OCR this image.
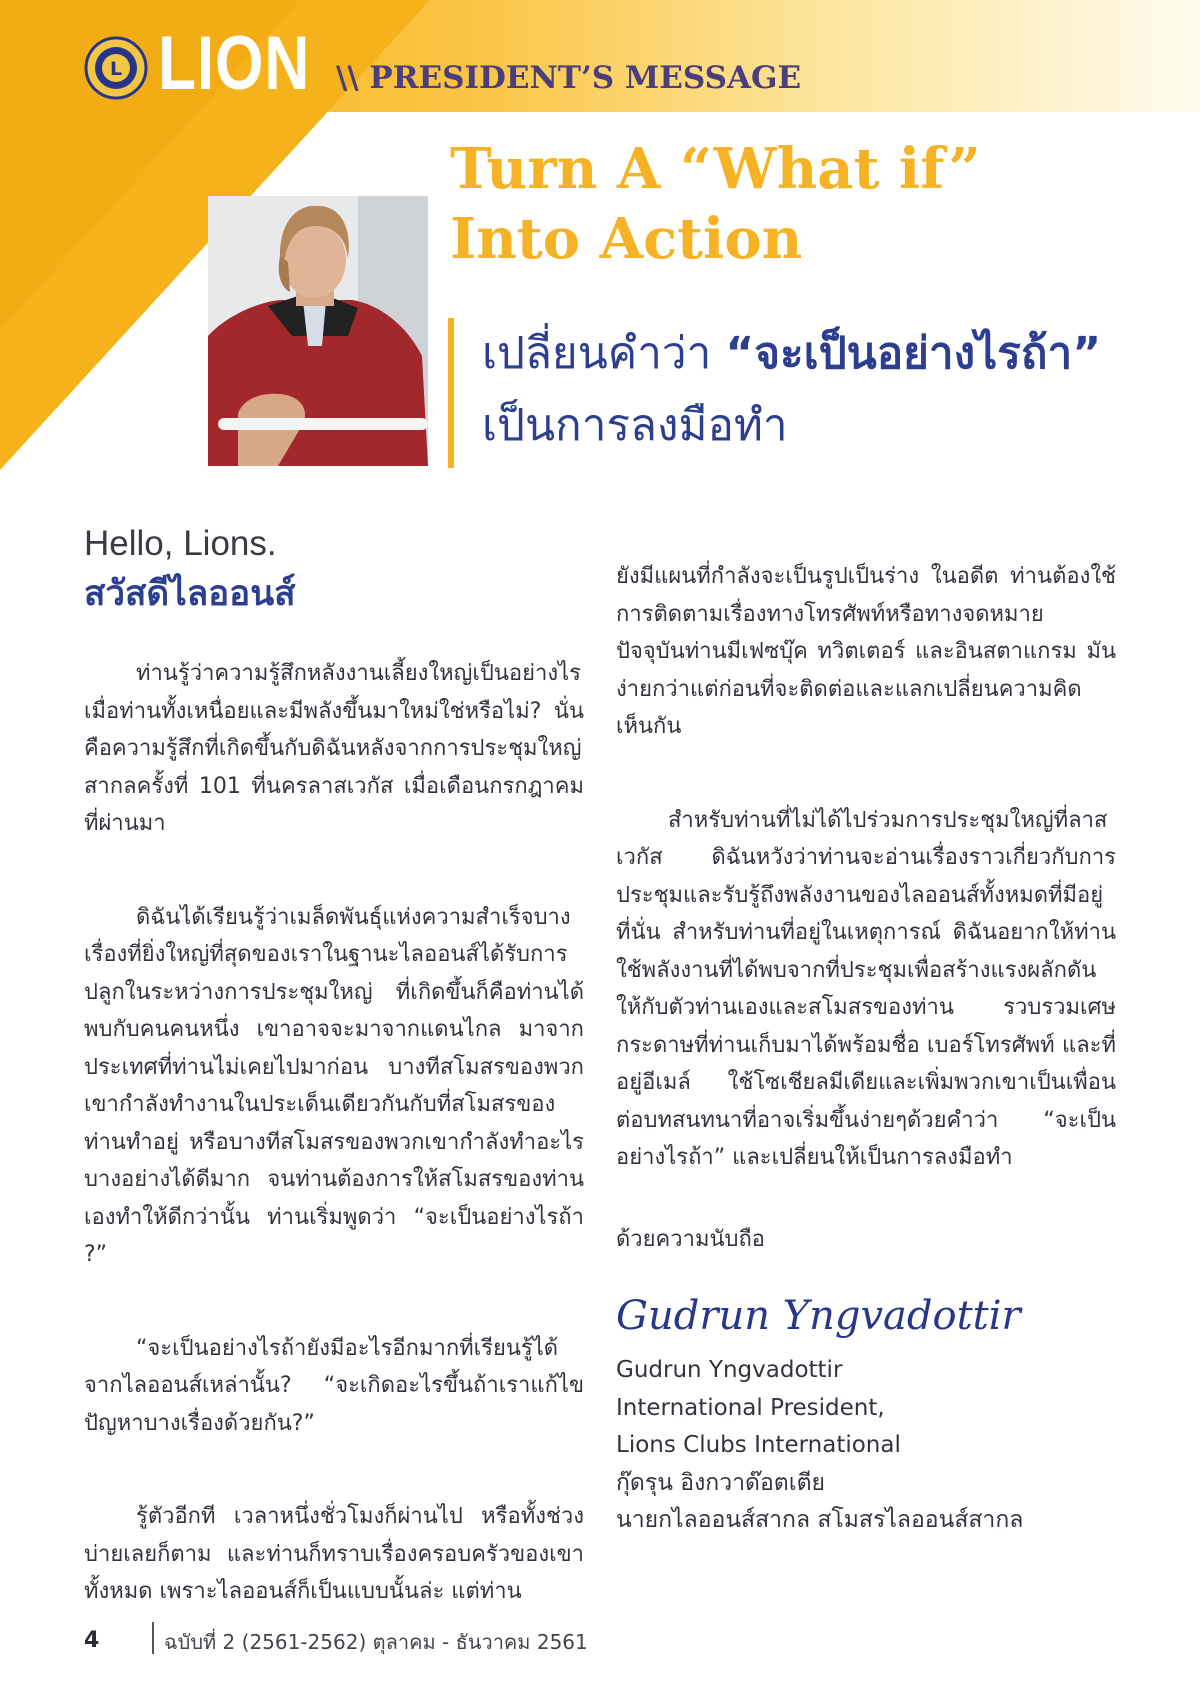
L LION \\ PRESIDENT’S MESSAGE
Turn A “What if”
Into Action
เปลี่ยนคำว่า “จะเป็นอย่างไรถ้า”
เป็นการลงมือทำ
Hello, Lions.
สวัสดีไลออนส์

ท่านรู้ว่าความรู้สึกหลังงานเลี้ยงใหญ่เป็นอย่างไร เมื่อท่านทั้งเหนื่อยและมีพลังขึ้นมาใหม่ใช่หรือไม่? นั่นคือความรู้สึกที่เกิดขึ้นกับดิฉันหลังจากการประชุมใหญ่สากลครั้งที่ 101 ที่นครลาสเวกัส เมื่อเดือนกรกฎาคมที่ผ่านมา

ดิฉันได้เรียนรู้ว่าเมล็ดพันธุ์แห่งความสำเร็จบางเรื่องที่ยิ่งใหญ่ที่สุดของเราในฐานะไลออนส์ได้รับการปลูกในระหว่างการประชุมใหญ่ ที่เกิดขึ้นก็คือท่านได้พบกับคนคนหนึ่ง เขาอาจจะมาจากแดนไกล มาจากประเทศที่ท่านไม่เคยไปมาก่อน บางทีสโมสรของพวกเขากำลังทำงานในประเด็นเดียวกันกับที่สโมสรของท่านทำอยู่ หรือบางทีสโมสรของพวกเขากำลังทำอะไรบางอย่างได้ดีมาก จนท่านต้องการให้สโมสรของท่านเองทำให้ดีกว่านั้น ท่านเริ่มพูดว่า “จะเป็นอย่างไรถ้า ?”

“จะเป็นอย่างไรถ้ายังมีอะไรอีกมากที่เรียนรู้ได้จากไลออนส์เหล่านั้น? “จะเกิดอะไรขึ้นถ้าเราแก้ไขปัญหาบางเรื่องด้วยกัน?”

รู้ตัวอีกที เวลาหนึ่งชั่วโมงก็ผ่านไป หรือทั้งช่วงบ่ายเลยก็ตาม และท่านก็ทราบเรื่องครอบครัวของเขาทั้งหมด เพราะไลออนส์ก็เป็นแบบนั้นล่ะ แต่ท่าน

ยังมีแผนที่กำลังจะเป็นรูปเป็นร่าง ในอดีต ท่านต้องใช้การติดตามเรื่องทางโทรศัพท์หรือทางจดหมาย ปัจจุบันท่านมีเฟซบุ๊ค ทวิตเตอร์ และอินสตาแกรม มันง่ายกว่าแต่ก่อนที่จะติดต่อและแลกเปลี่ยนความคิดเห็นกัน

สำหรับท่านที่ไม่ได้ไปร่วมการประชุมใหญ่ที่ลาสเวกัส ดิฉันหวังว่าท่านจะอ่านเรื่องราวเกี่ยวกับการประชุมและรับรู้ถึงพลังงานของไลออนส์ทั้งหมดที่มีอยู่ที่นั่น สำหรับท่านที่อยู่ในเหตุการณ์ ดิฉันอยากให้ท่านใช้พลังงานที่ได้พบจากที่ประชุมเพื่อสร้างแรงผลักดันให้กับตัวท่านเองและสโมสรของท่าน รวบรวมเศษกระดาษที่ท่านเก็บมาได้พร้อมชื่อ เบอร์โทรศัพท์ และที่อยู่อีเมล์ ใช้โซเชียลมีเดียและเพิ่มพวกเขาเป็นเพื่อน ต่อบทสนทนาที่อาจเริ่มขึ้นง่ายๆด้วยคำว่า “จะเป็นอย่างไรถ้า” และเปลี่ยนให้เป็นการลงมือทำ

ด้วยความนับถือ

Gudrun Yngvadottir
Gudrun Yngvadottir
International President,
Lions Clubs International
กุ๊ดรุน อิงกวาด๊อตเตีย
นายกไลออนส์สากล สโมสรไลออนส์สากล
4	ฉบับที่ 2 (2561-2562) ตุลาคม - ธันวาคม 2561
